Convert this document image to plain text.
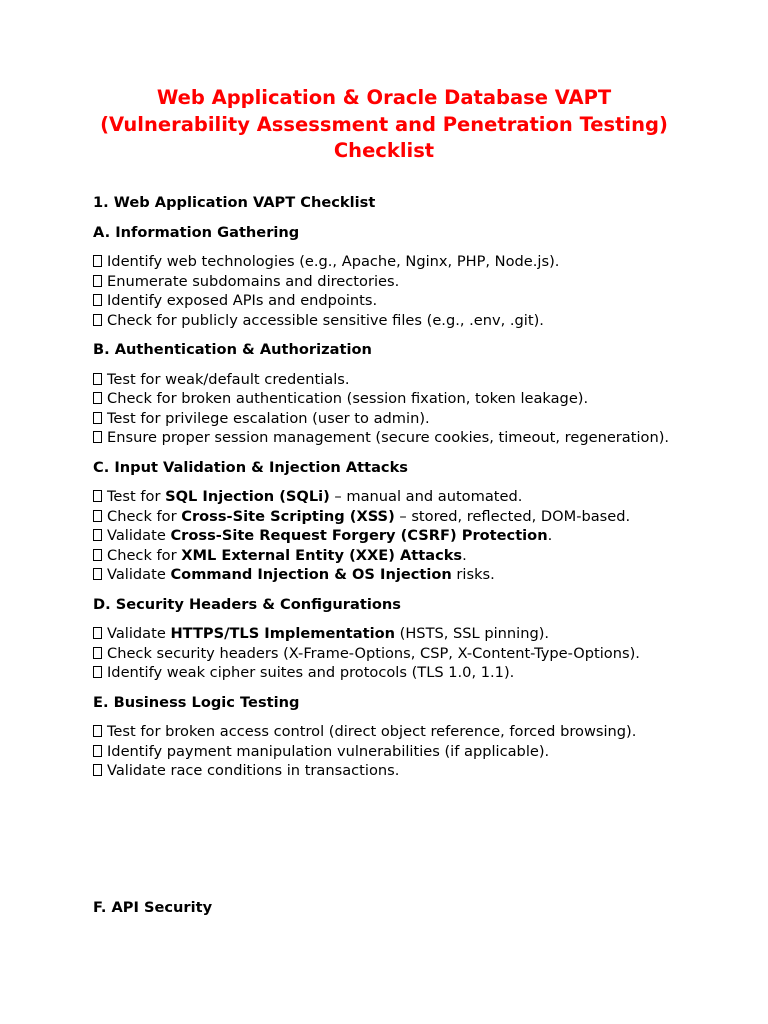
Web Application & Oracle Database VAPT (Vulnerability Assessment and Penetration Testing) Checklist
1. Web Application VAPT Checklist
A. Information Gathering
Identify web technologies (e.g., Apache, Nginx, PHP, Node.js).
Enumerate subdomains and directories.
Identify exposed APIs and endpoints.
Check for publicly accessible sensitive files (e.g., .env, .git).
B. Authentication & Authorization
Test for weak/default credentials.
Check for broken authentication (session fixation, token leakage).
Test for privilege escalation (user to admin).
Ensure proper session management (secure cookies, timeout, regeneration).
C. Input Validation & Injection Attacks
Test for SQL Injection (SQLi) – manual and automated.
Check for Cross-Site Scripting (XSS) – stored, reflected, DOM-based.
Validate Cross-Site Request Forgery (CSRF) Protection.
Check for XML External Entity (XXE) Attacks.
Validate Command Injection & OS Injection risks.
D. Security Headers & Configurations
Validate HTTPS/TLS Implementation (HSTS, SSL pinning).
Check security headers (X-Frame-Options, CSP, X-Content-Type-Options).
Identify weak cipher suites and protocols (TLS 1.0, 1.1).
E. Business Logic Testing
Test for broken access control (direct object reference, forced browsing).
Identify payment manipulation vulnerabilities (if applicable).
Validate race conditions in transactions.
F. API Security
